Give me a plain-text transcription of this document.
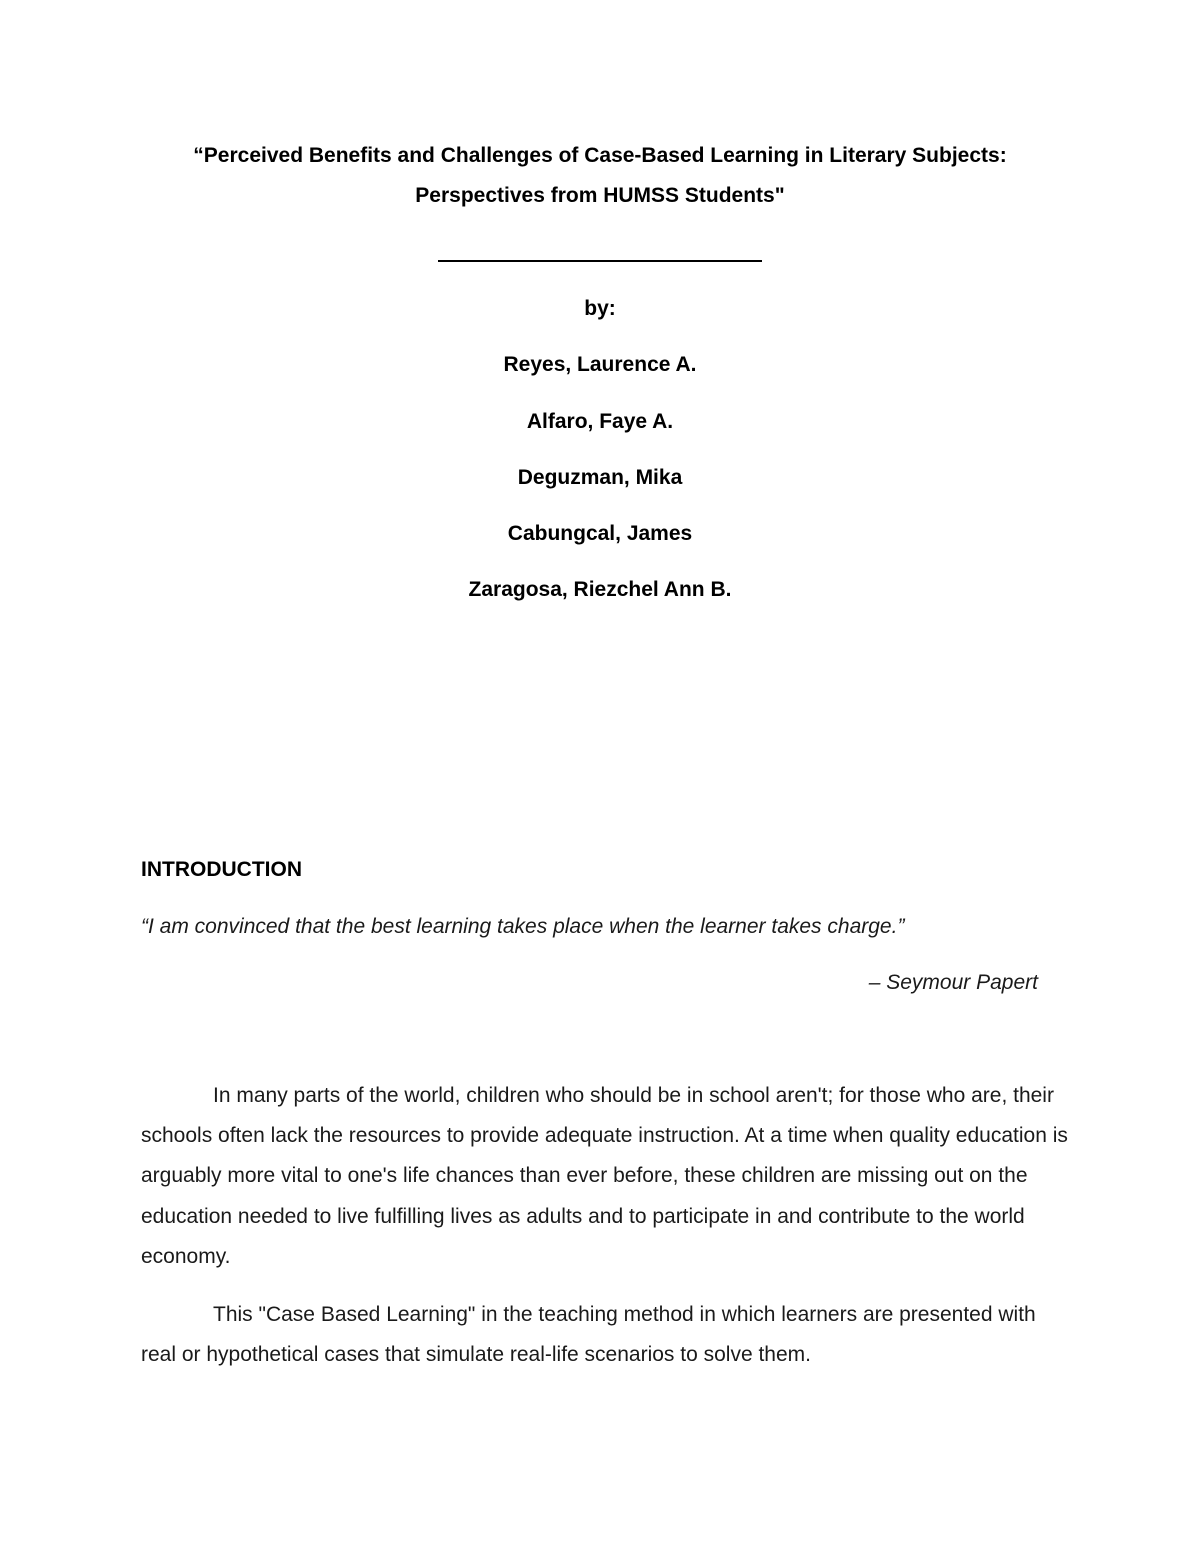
“Perceived Benefits and Challenges of Case-Based Learning in Literary Subjects:
Perspectives from HUMSS Students"
by:
Reyes, Laurence A.
Alfaro, Faye A.
Deguzman, Mika
Cabungcal, James
Zaragosa, Riezchel Ann B.
INTRODUCTION
“I am convinced that the best learning takes place when the learner takes charge.”
– Seymour Papert

In many parts of the world, children who should be in school aren't; for those who are, their schools often lack the resources to provide adequate instruction. At a time when quality education is arguably more vital to one's life chances than ever before, these children are missing out on the education needed to live fulfilling lives as adults and to participate in and contribute to the world economy.

This "Case Based Learning" in the teaching method in which learners are presented with real or hypothetical cases that simulate real-life scenarios to solve them.
